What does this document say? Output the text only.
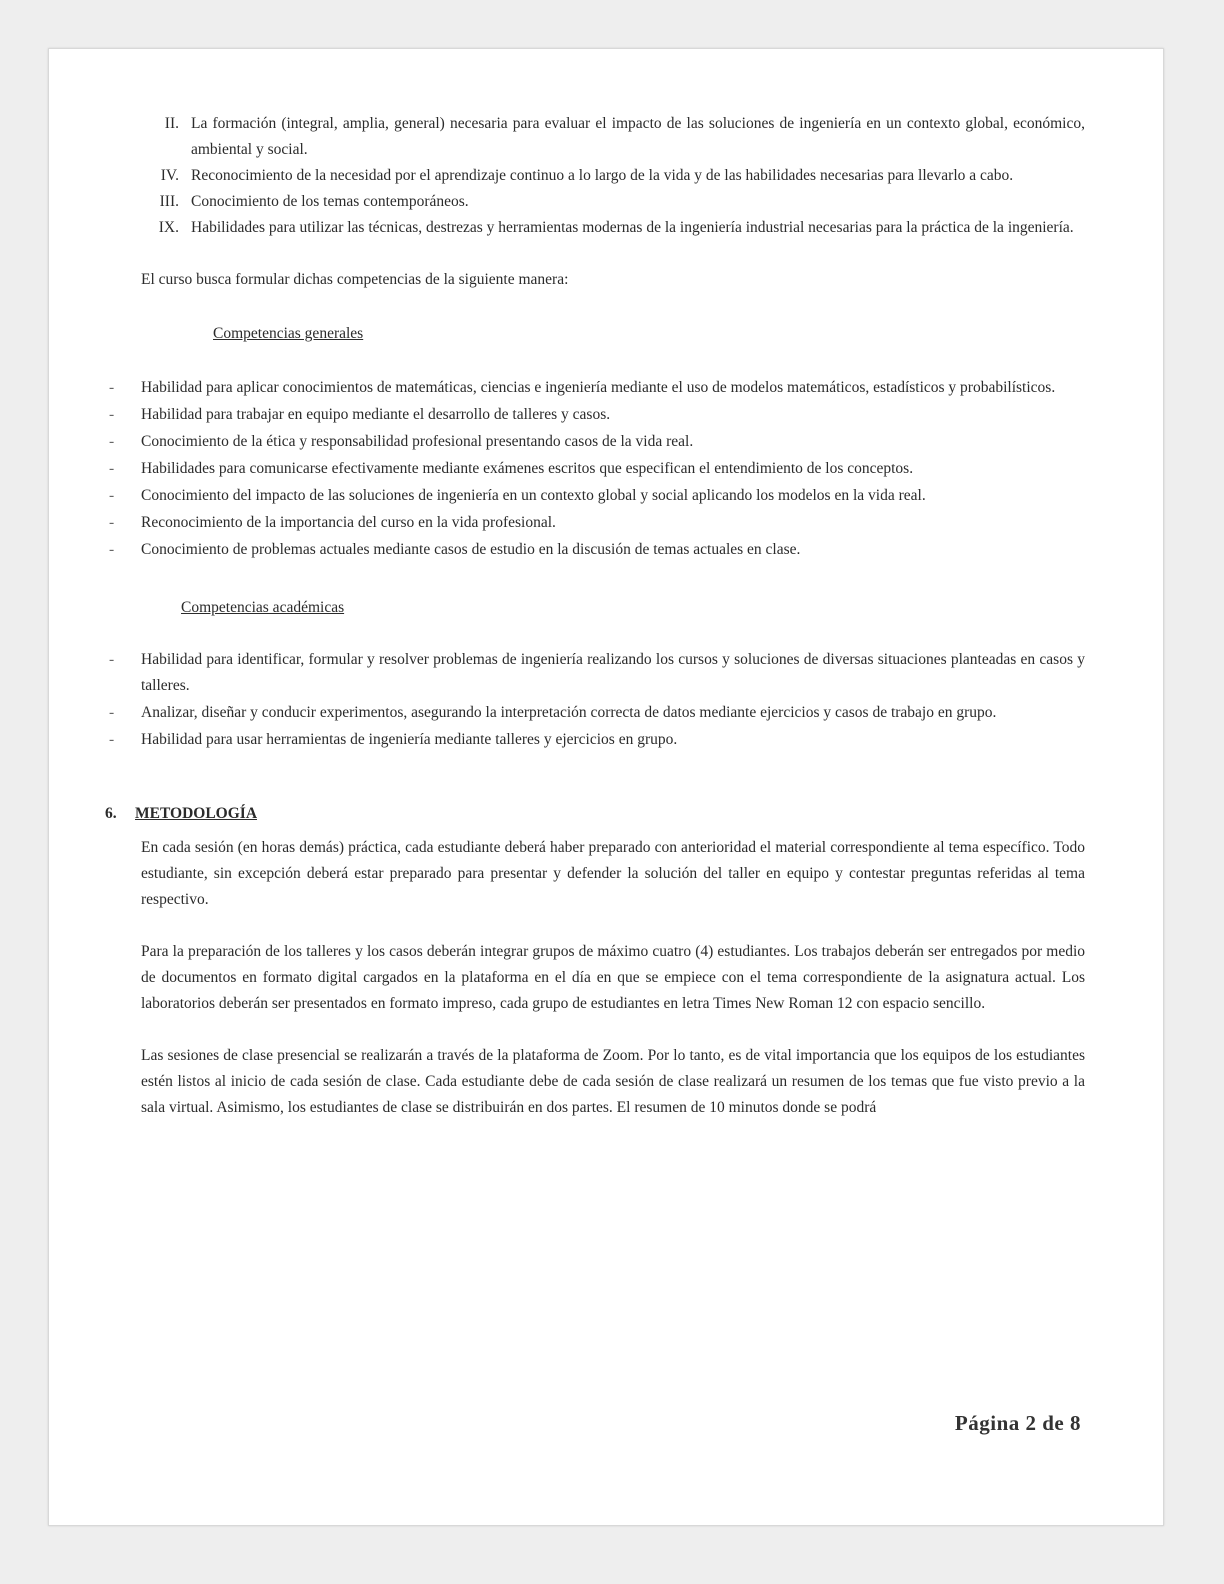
II. La formación (integral, amplia, general) necesaria para evaluar el impacto de las soluciones de ingeniería en un contexto global, económico, ambiental y social.
IV. Reconocimiento de la necesidad por el aprendizaje continuo a lo largo de la vida y de las habilidades necesarias para llevarlo a cabo.
III. Conocimiento de los temas contemporáneos.
IX. Habilidades para utilizar las técnicas, destrezas y herramientas modernas de la ingeniería industrial necesarias para la práctica de la ingeniería.

El curso busca formular dichas competencias de la siguiente manera:

Competencias generales

- Habilidad para aplicar conocimientos de matemáticas, ciencias e ingeniería mediante el uso de modelos matemáticos, estadísticos y probabilísticos.
- Habilidad para trabajar en equipo mediante el desarrollo de talleres y casos.
- Conocimiento de la ética y responsabilidad profesional presentando casos de la vida real.
- Habilidades para comunicarse efectivamente mediante exámenes escritos que especifican el entendimiento de los conceptos.
- Conocimiento del impacto de las soluciones de ingeniería en un contexto global y social aplicando los modelos en la vida real.
- Reconocimiento de la importancia del curso en la vida profesional.
- Conocimiento de problemas actuales mediante casos de estudio en la discusión de temas actuales en clase.

Competencias académicas

- Habilidad para identificar, formular y resolver problemas de ingeniería realizando los cursos y soluciones de diversas situaciones planteadas en casos y talleres.
- Analizar, diseñar y conducir experimentos, asegurando la interpretación correcta de datos mediante ejercicios y casos de trabajo en grupo.
- Habilidad para usar herramientas de ingeniería mediante talleres y ejercicios en grupo.

6. METODOLOGÍA

En cada sesión (en horas demás) práctica, cada estudiante deberá haber preparado con anterioridad el material correspondiente al tema específico. Todo estudiante, sin excepción deberá estar preparado para presentar y defender la solución del taller en equipo y contestar preguntas referidas al tema respectivo.

Para la preparación de los talleres y los casos deberán integrar grupos de máximo cuatro (4) estudiantes. Los trabajos deberán ser entregados por medio de documentos en formato digital cargados en la plataforma en el día en que se empiece con el tema correspondiente de la asignatura actual. Los laboratorios deberán ser presentados en formato impreso, cada grupo de estudiantes en letra Times New Roman 12 con espacio sencillo.

Las sesiones de clase presencial se realizarán a través de la plataforma de Zoom. Por lo tanto, es de vital importancia que los equipos de los estudiantes estén listos al inicio de cada sesión de clase. Cada estudiante debe de cada sesión de clase realizará un resumen de los temas que fue visto previo a la sala virtual. Asimismo, los estudiantes de clase se distribuirán en dos partes. El resumen de 10 minutos donde se podrá

Página 2 de 8
